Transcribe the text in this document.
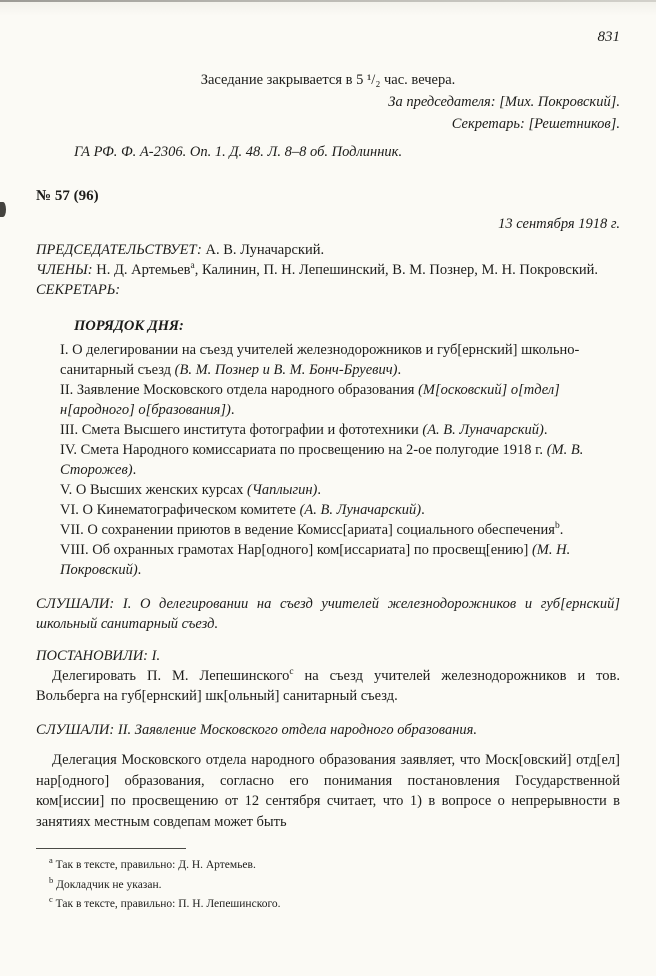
831

Заседание закрывается в 5 ¹/₂ час. вечера.

За председателя: [Мих. Покровский].

Секретарь: [Решетников].

ГА РФ. Ф. А-2306. Оп. 1. Д. 48. Л. 8–8 об. Подлинник.

№ 57 (96)

13 сентября 1918 г.

ПРЕДСЕДАТЕЛЬСТВУЕТ: А. В. Луначарский.

ЧЛЕНЫ: Н. Д. Артемьев$^a$, Калинин, П. Н. Лепешинский, В. М. Познер, М. Н. Покровский.

СЕКРЕТАРЬ:

ПОРЯДОК ДНЯ:

I. О делегировании на съезд учителей железнодорожников и губ[ернский] школьно-санитарный съезд (В. М. Познер и В. М. Бонч-Бруевич).
II. Заявление Московского отдела народного образования (М[осковский] о[тдел] н[ародного] о[бразования]).
III. Смета Высшего института фотографии и фототехники (А. В. Луначарский).
IV. Смета Народного комиссариата по просвещению на 2-ое полугодие 1918 г. (М. В. Сторожев).
V. О Высших женских курсах (Чаплыгин).
VI. О Кинематографическом комитете (А. В. Луначарский).
VII. О сохранении приютов в ведение Комисс[ариата] социального обеспечения$^b$.
VIII. Об охранных грамотах Нар[одного] ком[иссариата] по просвещ[ению] (М. Н. Покровский).

СЛУШАЛИ: I. О делегировании на съезд учителей железнодорожников и губ[ернский] школьный санитарный съезд.

ПОСТАНОВИЛИ: I.

Делегировать П. М. Лепешинского$^c$ на съезд учителей железнодорожников и тов. Вольберга на губ[ернский] шк[ольный] санитарный съезд.

СЛУШАЛИ: II. Заявление Московского отдела народного образования.

Делегация Московского отдела народного образования заявляет, что Моск[овский] отд[ел] нар[одного] образования, согласно его понимания постановления Государственной ком[иссии] по просвещению от 12 сентября считает, что 1) в вопросе о непрерывности в занятиях местным совдепам может быть

$^a$ Так в тексте, правильно: Д. Н. Артемьев.
$^b$ Докладчик не указан.
$^c$ Так в тексте, правильно: П. Н. Лепешинского.
